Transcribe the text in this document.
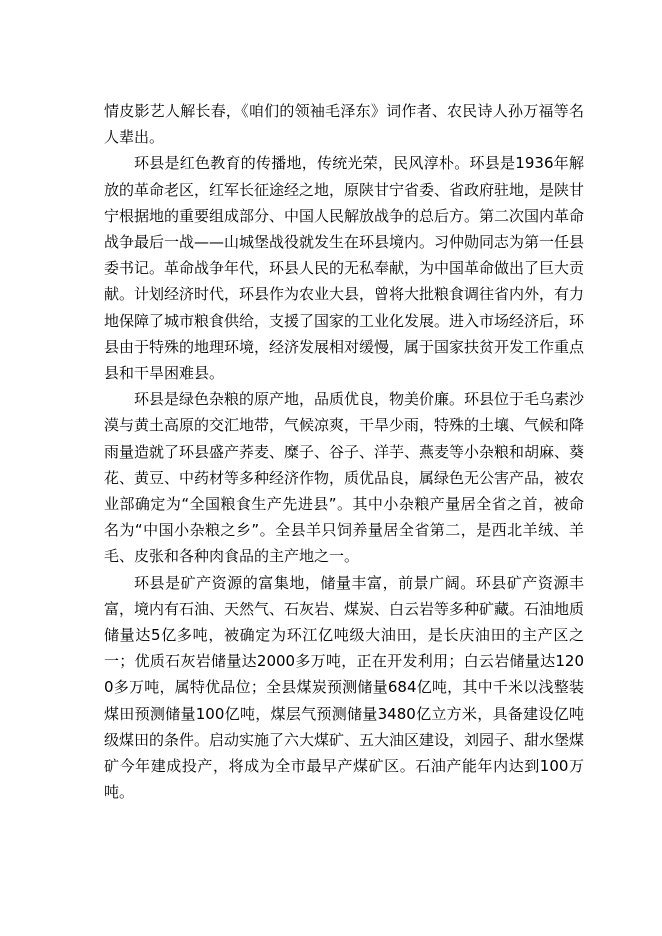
情皮影艺人解长春，《咱们的领袖毛泽东》词作者、农民诗人孙万福等名人辈出。

环县是红色教育的传播地，传统光荣，民风淳朴。环县是1936年解放的革命老区，红军长征途经之地，原陕甘宁省委、省政府驻地，是陕甘宁根据地的重要组成部分、中国人民解放战争的总后方。第二次国内革命战争最后一战——山城堡战役就发生在环县境内。习仲勋同志为第一任县委书记。革命战争年代，环县人民的无私奉献，为中国革命做出了巨大贡献。计划经济时代，环县作为农业大县，曾将大批粮食调往省内外，有力地保障了城市粮食供给，支援了国家的工业化发展。进入市场经济后，环县由于特殊的地理环境，经济发展相对缓慢，属于国家扶贫开发工作重点县和干旱困难县。

环县是绿色杂粮的原产地，品质优良，物美价廉。环县位于毛乌素沙漠与黄土高原的交汇地带，气候凉爽，干旱少雨，特殊的土壤、气候和降雨量造就了环县盛产荞麦、糜子、谷子、洋芋、燕麦等小杂粮和胡麻、葵花、黄豆、中药材等多种经济作物，质优品良，属绿色无公害产品，被农业部确定为“全国粮食生产先进县”。其中小杂粮产量居全省之首，被命名为“中国小杂粮之乡”。全县羊只饲养量居全省第二，是西北羊绒、羊毛、皮张和各种肉食品的主产地之一。

环县是矿产资源的富集地，储量丰富，前景广阔。环县矿产资源丰富，境内有石油、天然气、石灰岩、煤炭、白云岩等多种矿藏。石油地质储量达5亿多吨，被确定为环江亿吨级大油田，是长庆油田的主产区之一；优质石灰岩储量达2000多万吨，正在开发利用；白云岩储量达1200多万吨，属特优品位；全县煤炭预测储量684亿吨，其中千米以浅整装煤田预测储量100亿吨，煤层气预测储量3480亿立方米，具备建设亿吨级煤田的条件。启动实施了六大煤矿、五大油区建设，刘园子、甜水堡煤矿今年建成投产，将成为全市最早产煤矿区。石油产能年内达到100万吨。
